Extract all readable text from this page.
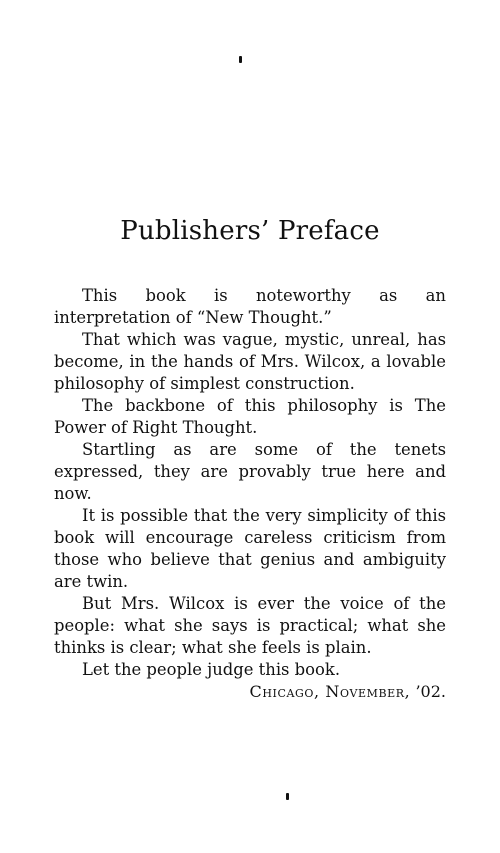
Publishers’ Preface

This book is noteworthy as an interpretation of “New Thought.”

That which was vague, mystic, unreal, has become, in the hands of Mrs. Wilcox, a lovable philosophy of simplest construction.

The backbone of this philosophy is The Power of Right Thought.

Startling as are some of the tenets expressed, they are provably true here and now.

It is possible that the very simplicity of this book will encourage careless criticism from those who believe that genius and ambiguity are twin.

But Mrs. Wilcox is ever the voice of the people: what she says is practical; what she thinks is clear; what she feels is plain.

Let the people judge this book.

Chicago, November, ’02.
